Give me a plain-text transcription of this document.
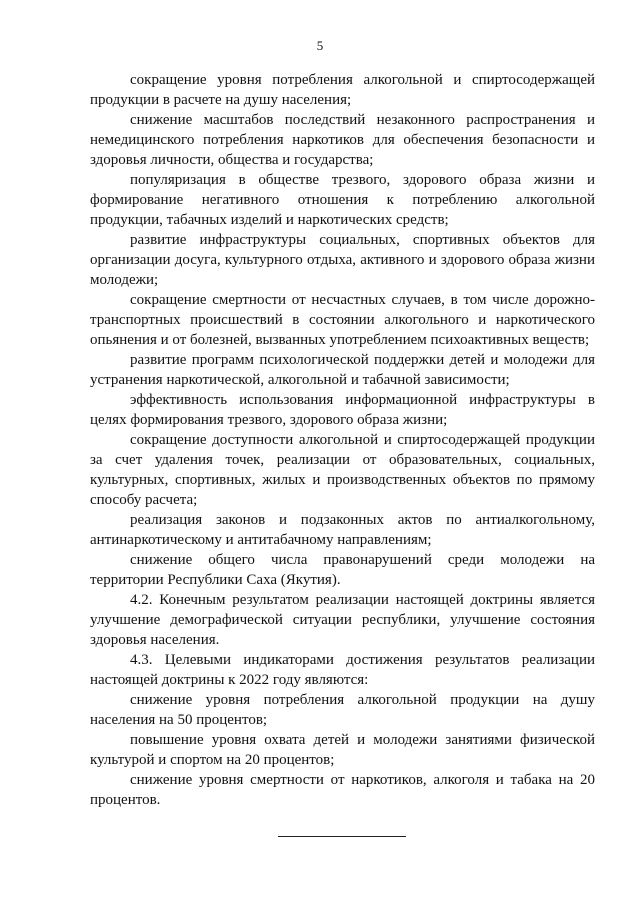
5

сокращение уровня потребления алкогольной и спиртосодержащей продукции в расчете на душу населения;

снижение масштабов последствий незаконного распространения и немедицинского потребления наркотиков для обеспечения безопасности и здоровья личности, общества и государства;

популяризация в обществе трезвого, здорового образа жизни и формирование негативного отношения к потреблению алкогольной продукции, табачных изделий и наркотических средств;

развитие инфраструктуры социальных, спортивных объектов для организации досуга, культурного отдыха, активного и здорового образа жизни молодежи;

сокращение смертности от несчастных случаев, в том числе дорожно-транспортных происшествий в состоянии алкогольного и наркотического опьянения и от болезней, вызванных употреблением психоактивных веществ;

развитие программ психологической поддержки детей и молодежи для устранения наркотической, алкогольной и табачной зависимости;

эффективность использования информационной инфраструктуры в целях формирования трезвого, здорового образа жизни;

сокращение доступности алкогольной и спиртосодержащей продукции за счет удаления точек, реализации от образовательных, социальных, культурных, спортивных, жилых и производственных объектов по прямому способу расчета;

реализация законов и подзаконных актов по антиалкогольному, антинаркотическому и антитабачному направлениям;

снижение общего числа правонарушений среди молодежи на территории Республики Саха (Якутия).

4.2. Конечным результатом реализации настоящей доктрины является улучшение демографической ситуации республики, улучшение состояния здоровья населения.

4.3. Целевыми индикаторами достижения результатов реализации настоящей доктрины к 2022 году являются:

снижение уровня потребления алкогольной продукции на душу населения на 50 процентов;

повышение уровня охвата детей и молодежи занятиями физической культурой и спортом на 20 процентов;

снижение уровня смертности от наркотиков, алкоголя и табака на 20 процентов.
